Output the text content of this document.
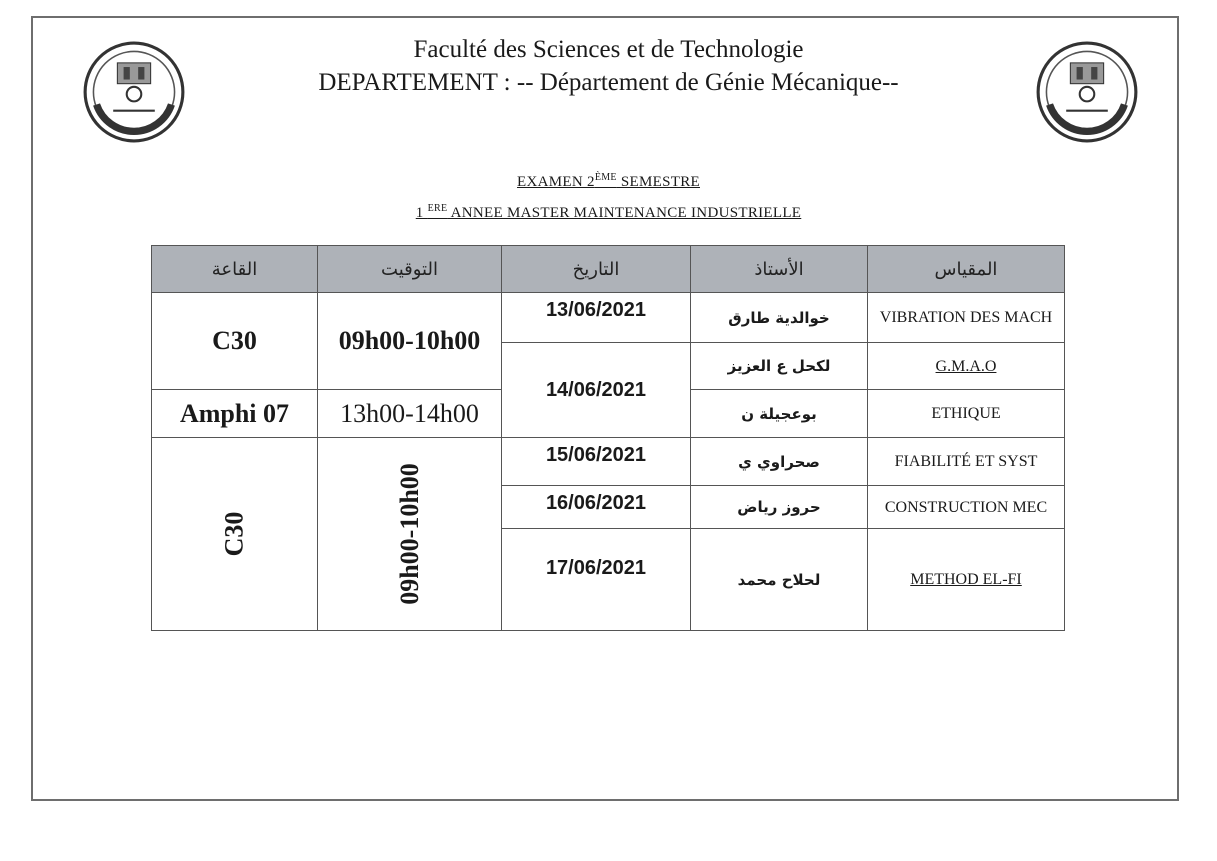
Faculté des Sciences et de Technologie
DEPARTEMENT : -- Département de Génie Mécanique--
EXAMEN 2ÈME SEMESTRE
1 $^{ERE}$ ANNEE MASTER MAINTENANCE INDUSTRIELLE
القاعة	التوقيت	التاريخ	الأستاذ	المقياس
C30	09h00-10h00	13/06/2021	خوالدية طارق	VIBRATION DES MACH
		14/06/2021	لكحل ع العزيز	G.M.A.O
Amphi 07	13h00-14h00		بوعجيلة ن	ETHIQUE
C30	09h00-10h00	15/06/2021	صحراوي ي	FIABILITÉ ET SYST
		16/06/2021	حروز رياض	CONSTRUCTION MEC
		17/06/2021	لحلاح محمد	METHOD EL-FI
